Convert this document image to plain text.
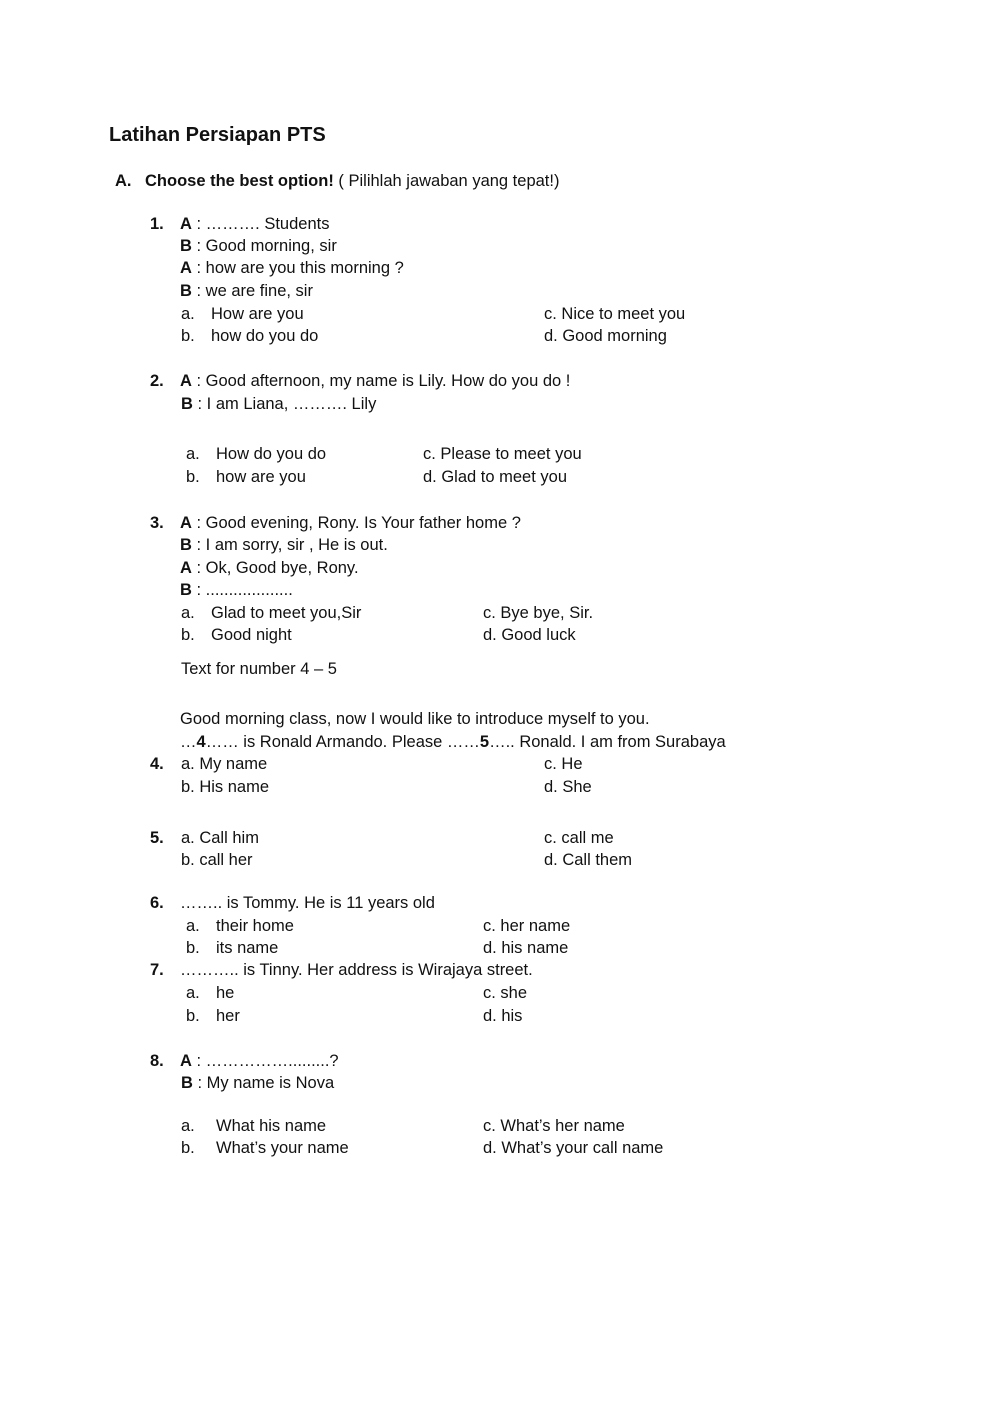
Latihan Persiapan PTS
A. Choose the best option! ( Pilihlah jawaban yang tepat!)
1. A : ………. Students
B : Good morning, sir
A : how are you this morning ?
B : we are fine, sir
a. How are you
b. how do you do
c. Nice to meet you
d. Good morning
2. A : Good afternoon, my name is Lily. How do you do !
B : I am Liana, ………. Lily
a. How do you do
b. how are you
c. Please to meet you
d. Glad to meet you
3. A : Good evening, Rony. Is Your father home ?
B : I am sorry, sir , He is out.
A : Ok, Good bye, Rony.
B : ...................
a. Glad to meet you,Sir
b. Good night
c. Bye bye, Sir.
d. Good luck
Text for number 4 – 5
Good morning class, now I would like to introduce myself to you.
…4…… is Ronald Armando. Please ……5….. Ronald. I am from Surabaya
4. a. My name
b. His name
c. He
d. She
5. a. Call him
b. call her
c. call me
d. Call them
6. …….. is Tommy. He is 11 years old
a. their home
b. its name
c. her name
d. his name
7. ……….. is Tinny. Her address is Wirajaya street.
a. he
b. her
c. she
d. his
8. A : …………….........?
B : My name is Nova
a. What his name
b. What’s your name
c. What’s her name
d. What’s your call name
